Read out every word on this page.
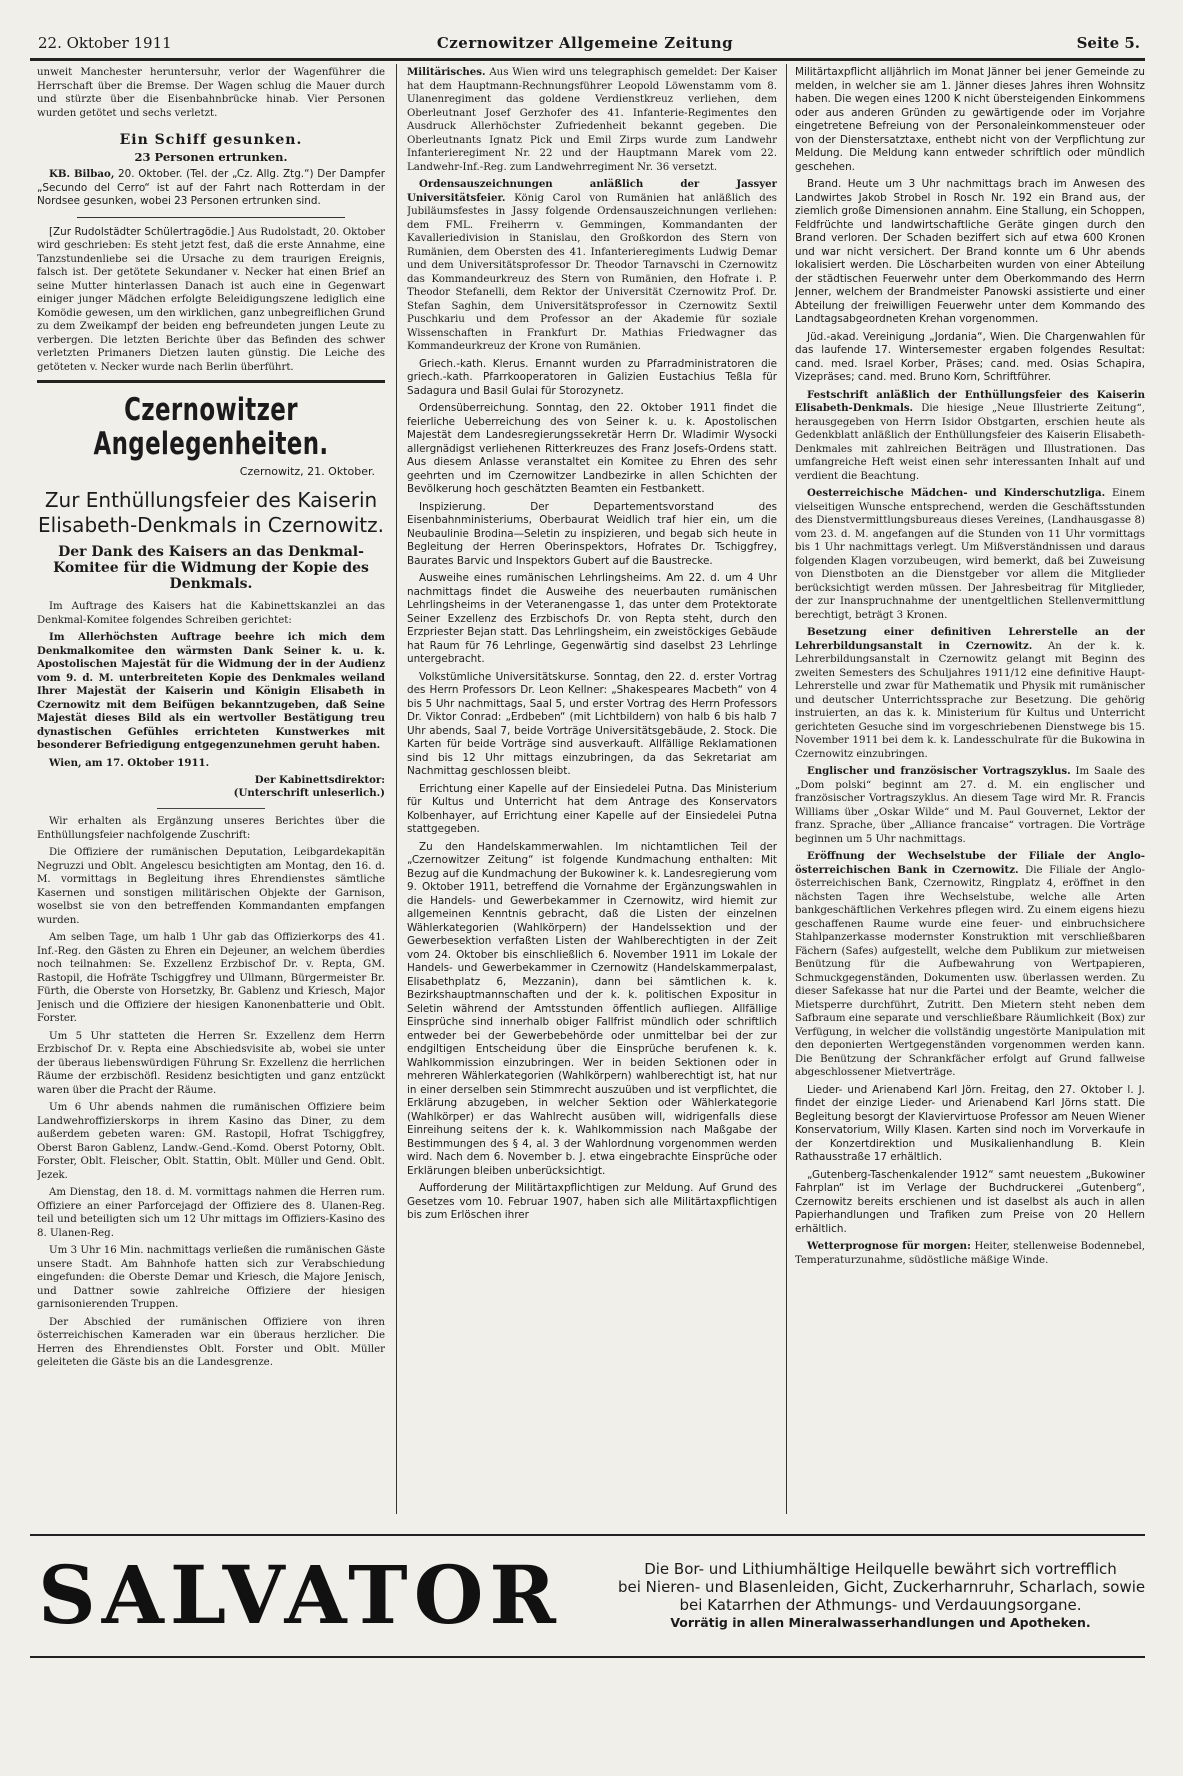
22. Oktober 1911	Czernowitzer Allgemeine Zeitung	Seite 5.

unweit Manchester heruntersuhr, verlor der Wagenführer die Herrschaft über die Bremse. Der Wagen schlug die Mauer durch und stürzte über die Eisenbahnbrücke hinab. Vier Personen wurden getötet und sechs verletzt.

Ein Schiff gesunken.
23 Personen ertrunken.

KB. Bilbao, 20. Oktober. (Tel. der „Cz. Allg. Ztg.“) Der Dampfer „Secundo del Cerro“ ist auf der Fahrt nach Rotterdam in der Nordsee gesunken, wobei 23 Personen ertrunken sind.

[Zur Rudolstädter Schülertragödie.] Aus Rudolstadt, 20. Oktober wird geschrieben: Es steht jetzt fest, daß die erste Annahme, eine Tanzstundenliebe sei die Ursache zu dem traurigen Ereignis, falsch ist. Der getötete Sekundaner v. Necker hat einen Brief an seine Mutter hinterlassen Danach ist auch eine in Gegenwart einiger junger Mädchen erfolgte Beleidigungszene lediglich eine Komödie gewesen, um den wirklichen, ganz unbegreiflichen Grund zu dem Zweikampf der beiden eng befreundeten jungen Leute zu verbergen. Die letzten Berichte über das Befinden des schwer verletzten Primaners Dietzen lauten günstig. Die Leiche des getöteten v. Necker wurde nach Berlin überführt.

Czernowitzer Angelegenheiten.
Czernowitz, 21. Oktober.
Zur Enthüllungsfeier des Kaiserin Elisabeth-Denkmals in Czernowitz.
Der Dank des Kaisers an das Denkmal-Komitee für die Widmung der Kopie des Denkmals.

Im Auftrage des Kaisers hat die Kabinettskanzlei an das Denkmal-Komitee folgendes Schreiben gerichtet:

Im Allerhöchsten Auftrage beehre ich mich dem Denkmalkomitee den wärmsten Dank Seiner k. u. k. Apostolischen Majestät für die Widmung der in der Audienz vom 9. d. M. unterbreiteten Kopie des Denkmales weiland Ihrer Majestät der Kaiserin und Königin Elisabeth in Czernowitz mit dem Beifügen bekanntzugeben, daß Seine Majestät dieses Bild als ein wertvoller Bestätigung treu dynastischen Gefühles errichteten Kunstwerkes mit besonderer Befriedigung entgegenzunehmen geruht haben.

Wien, am 17. Oktober 1911.

Der Kabinettsdirektor:
(Unterschrift unleserlich.)

Wir erhalten als Ergänzung unseres Berichtes über die Enthüllungsfeier nachfolgende Zuschrift:

Die Offiziere der rumänischen Deputation, Leibgardekapitän Negruzzi und Oblt. Angelescu besichtigten am Montag, den 16. d. M. vormittags in Begleitung ihres Ehrendienstes sämtliche Kasernen und sonstigen militärischen Objekte der Garnison, woselbst sie von den betreffenden Kommandanten empfangen wurden.

Am selben Tage, um halb 1 Uhr gab das Offizierkorps des 41. Inf.-Reg. den Gästen zu Ehren ein Dejeuner, an welchem überdies noch teilnahmen: Se. Exzellenz Erzbischof Dr. v. Repta, GM. Rastopil, die Hofräte Tschiggfrey und Ullmann, Bürgermeister Br. Fürth, die Oberste von Horsetzky, Br. Gablenz und Kriesch, Major Jenisch und die Offiziere der hiesigen Kanonenbatterie und Oblt. Forster.

Um 5 Uhr statteten die Herren Sr. Exzellenz dem Herrn Erzbischof Dr. v. Repta eine Abschiedsvisite ab, wobei sie unter der überaus liebenswürdigen Führung Sr. Exzellenz die herrlichen Räume der erzbischöfl. Residenz besichtigten und ganz entzückt waren über die Pracht der Räume.

Um 6 Uhr abends nahmen die rumänischen Offiziere beim Landwehroffizierskorps in ihrem Kasino das Diner, zu dem außerdem gebeten waren: GM. Rastopil, Hofrat Tschiggfrey, Oberst Baron Gablenz, Landw.-Gend.-Komd. Oberst Potorny, Oblt. Forster, Oblt. Fleischer, Oblt. Stattin, Oblt. Müller und Gend. Oblt. Jezek.

Am Dienstag, den 18. d. M. vormittags nahmen die Herren rum. Offiziere an einer Parforcejagd der Offiziere des 8. Ulanen-Reg. teil und beteiligten sich um 12 Uhr mittags im Offiziers-Kasino des 8. Ulanen-Reg.

Um 3 Uhr 16 Min. nachmittags verließen die rumänischen Gäste unsere Stadt. Am Bahnhofe hatten sich zur Verabschiedung eingefunden: die Oberste Demar und Kriesch, die Majore Jenisch, und Dattner sowie zahlreiche Offiziere der hiesigen garnisonierenden Truppen.

Der Abschied der rumänischen Offiziere von ihren österreichischen Kameraden war ein überaus herzlicher. Die Herren des Ehrendienstes Oblt. Forster und Oblt. Müller geleiteten die Gäste bis an die Landesgrenze.

Militärisches. Aus Wien wird uns telegraphisch gemeldet: Der Kaiser hat dem Hauptmann-Rechnungsführer Leopold Löwenstamm vom 8. Ulanenregiment das goldene Verdienstkreuz verliehen, dem Oberleutnant Josef Gerzhofer des 41. Infanterie-Regimentes den Ausdruck Allerhöchster Zufriedenheit bekannt gegeben. Die Oberleutnants Ignatz Pick und Emil Zirps wurde zum Landwehr Infanterieregiment Nr. 22 und der Hauptmann Marek vom 22. Landwehr-Inf.-Reg. zum Landwehrregiment Nr. 36 versetzt.

Ordensauszeichnungen anläßlich der Jassyer Universitätsfeier. König Carol von Rumänien hat anläßlich des Jubiläumsfestes in Jassy folgende Ordensauszeichnungen verliehen: dem FML. Freiherrn v. Gemmingen, Kommandanten der Kavalleriedivision in Stanislau, den Großkordon des Stern von Rumänien, dem Obersten des 41. Infanterieregiments Ludwig Demar und dem Universitätsprofessor Dr. Theodor Tarnavschi in Czernowitz das Kommandeurkreuz des Stern von Rumänien, den Hofrate i. P. Theodor Stefanelli, dem Rektor der Universität Czernowitz Prof. Dr. Stefan Saghin, dem Universitätsprofessor in Czernowitz Sextil Puschkariu und dem Professor an der Akademie für soziale Wissenschaften in Frankfurt Dr. Mathias Friedwagner das Kommandeurkreuz der Krone von Rumänien.

Griech.-kath. Klerus. Ernannt wurden zu Pfarradministratoren die griech.-kath. Pfarrkooperatoren in Galizien Eustachius Teßla für Sadagura und Basil Gulai für Storozynetz.

Ordensüberreichung. Sonntag, den 22. Oktober 1911 findet die feierliche Ueberreichung des von Seiner k. u. k. Apostolischen Majestät dem Landesregierungssekretär Herrn Dr. Wladimir Wysocki allergnädigst verliehenen Ritterkreuzes des Franz Josefs-Ordens statt. Aus diesem Anlasse veranstaltet ein Komitee zu Ehren des sehr geehrten und im Czernowitzer Landbezirke in allen Schichten der Bevölkerung hoch geschätzten Beamten ein Festbankett.

Inspizierung.	Der Departementsvorstand des Eisenbahnministeriums, Oberbaurat Weidlich traf hier ein, um die Neubaulinie Brodina—Seletin zu inspizieren, und begab sich heute in Begleitung der Herren Oberinspektors, Hofrates Dr. Tschiggfrey, Baurates Barvic und Inspektors Gubert auf die Baustrecke.

Ausweihe eines rumänischen Lehrlingsheims. Am 22. d. um 4 Uhr nachmittags findet die Ausweihe des neuerbauten rumänischen Lehrlingsheims in der Veteranengasse 1, das unter dem Protektorate Seiner Exzellenz des Erzbischofs Dr. von Repta steht, durch den Erzpriester Bejan statt. Das Lehrlingsheim, ein zweistöckiges Gebäude hat Raum für 76 Lehrlinge, Gegenwärtig sind daselbst 23 Lehrlinge untergebracht.

Volkstümliche Universitätskurse. Sonntag, den 22. d. erster Vortrag des Herrn Professors Dr. Leon Kellner: „Shakespeares Macbeth“ von 4 bis 5 Uhr nachmittags, Saal 5, und erster Vortrag des Herrn Professors Dr. Viktor Conrad: „Erdbeben“ (mit Lichtbildern) von halb 6 bis halb 7 Uhr abends, Saal 7, beide Vorträge Universitätsgebäude, 2. Stock. Die Karten für beide Vorträge sind ausverkauft. Allfällige Reklamationen sind bis 12 Uhr mittags einzubringen, da das Sekretariat am Nachmittag geschlossen bleibt.

Errichtung einer Kapelle auf der Einsiedelei Putna. Das Ministerium für Kultus und Unterricht hat dem Antrage des Konservators Kolbenhayer, auf Errichtung einer Kapelle auf der Einsiedelei Putna stattgegeben.

Zu den Handelskammerwahlen. Im nichtamtlichen Teil der „Czernowitzer Zeitung“ ist folgende Kundmachung enthalten: Mit Bezug auf die Kundmachung der Bukowiner k. k. Landesregierung vom 9. Oktober 1911, betreffend die Vornahme der Ergänzungswahlen in die Handels- und Gewerbekammer in Czernowitz, wird hiemit zur allgemeinen Kenntnis gebracht, daß die Listen der einzelnen Wählerkategorien (Wahlkörpern) der Handelssektion und der Gewerbesektion verfaßten Listen der Wahlberechtigten in der Zeit vom 24. Oktober bis einschließlich 6. November 1911 im Lokale der Handels- und Gewerbekammer in Czernowitz (Handelskammerpalast, Elisabethplatz 6, Mezzanin), dann bei sämtlichen k. k. Bezirkshauptmannschaften und der k. k. politischen Expositur in Seletin während der Amtsstunden öffentlich aufliegen. Allfällige Einsprüche sind innerhalb obiger Fallfrist mündlich oder schriftlich entweder bei der Gewerbebehörde oder unmittelbar bei der zur endgiltigen Entscheidung über die Einsprüche berufenen k. k. Wahlkommission einzubringen. Wer in beiden Sektionen oder in mehreren Wählerkategorien (Wahlkörpern) wahlberechtigt ist, hat nur in einer derselben sein Stimmrecht auszuüben und ist verpflichtet, die Erklärung abzugeben, in welcher Sektion oder Wählerkategorie (Wahlkörper) er das Wahlrecht ausüben will, widrigenfalls diese Einreihung seitens der k. k. Wahlkommission nach Maßgabe der Bestimmungen des § 4, al. 3 der Wahlordnung vorgenommen werden wird. Nach dem 6. November b. J. etwa eingebrachte Einsprüche oder Erklärungen bleiben unberücksichtigt.

Aufforderung der Militärtaxpflichtigen zur Meldung. Auf Grund des Gesetzes vom 10. Februar 1907, haben sich alle Militärtaxpflichtigen bis zum Erlöschen ihrer

Militärtaxpflicht alljährlich im Monat Jänner bei jener Gemeinde zu melden, in welcher sie am 1. Jänner dieses Jahres ihren Wohnsitz haben. Die wegen eines 1200 K nicht übersteigenden Einkommens oder aus anderen Gründen zu gewärtigende oder im Vorjahre eingetretene Befreiung von der Personaleinkommensteuer oder von der Dienstersatztaxe, enthebt nicht von der Verpflichtung zur Meldung. Die Meldung kann entweder schriftlich oder mündlich geschehen.

Brand. Heute um 3 Uhr nachmittags brach im Anwesen des Landwirtes Jakob Strobel in Rosch Nr. 192 ein Brand aus, der ziemlich große Dimensionen annahm. Eine Stallung, ein Schoppen, Feldfrüchte und landwirtschaftliche Geräte gingen durch den Brand verloren. Der Schaden beziffert sich auf etwa 600 Kronen und war nicht versichert. Der Brand konnte um 6 Uhr abends lokalisiert werden. Die Löscharbeiten wurden von einer Abteilung der städtischen Feuerwehr unter dem Oberkommando des Herrn Jenner, welchem der Brandmeister Panowski assistierte und einer Abteilung der freiwilligen Feuerwehr unter dem Kommando des Landtagsabgeordneten Krehan vorgenommen.

Jüd.-akad. Vereinigung „Jordania“, Wien. Die Chargenwahlen für das laufende 17. Wintersemester ergaben folgendes Resultat: cand. med. Israel Korber, Präses; cand. med. Osias Schapira, Vizepräses; cand. med. Bruno Korn, Schriftführer.

Festschrift anläßlich der Enthüllungsfeier des Kaiserin Elisabeth-Denkmals. Die hiesige „Neue Illustrierte Zeitung“, herausgegeben von Herrn Isidor Obstgarten, erschien heute als Gedenkblatt anläßlich der Enthüllungsfeier des Kaiserin Elisabeth-Denkmales mit zahlreichen Beiträgen und Illustrationen. Das umfangreiche Heft weist einen sehr interessanten Inhalt auf und verdient die Beachtung.

Oesterreichische Mädchen- und Kinderschutzliga. Einem vielseitigen Wunsche entsprechend, werden die Geschäftsstunden des Dienstvermittlungsbureaus dieses Vereines, (Landhausgasse 8) vom 23. d. M. angefangen auf die Stunden von 11 Uhr vormittags bis 1 Uhr nachmittags verlegt. Um Mißverständnissen und daraus folgenden Klagen vorzubeugen, wird bemerkt, daß bei Zuweisung von Dienstboten an die Dienstgeber vor allem die Mitglieder berücksichtigt werden müssen. Der Jahresbeitrag für Mitglieder, der zur Inanspruchnahme der unentgeltlichen Stellenvermittlung berechtigt, beträgt 3 Kronen.

Besetzung einer definitiven Lehrerstelle an der Lehrerbildungsanstalt in Czernowitz. An der k. k. Lehrerbildungsanstalt in Czernowitz gelangt mit Beginn des zweiten Semesters des Schuljahres 1911/12 eine definitive Haupt-Lehrerstelle und zwar für Mathematik und Physik mit rumänischer und deutscher Unterrichtssprache zur Besetzung. Die gehörig instruierten, an das k. k. Ministerium für Kultus und Unterricht gerichteten Gesuche sind im vorgeschriebenen Dienstwege bis 15. November 1911 bei dem k. k. Landesschulrate für die Bukowina in Czernowitz einzubringen.

Englischer und französischer Vortragszyklus. Im Saale des „Dom polski“ beginnt am 27. d. M. ein englischer und französischer Vortragszyklus. An diesem Tage wird Mr. R. Francis Williams über „Oskar Wilde“ und M. Paul Gouvernet, Lektor der franz. Sprache, über „Alliance francaise“ vortragen. Die Vorträge beginnen um 5 Uhr nachmittags.

Eröffnung der Wechselstube der Filiale der Anglo-österreichischen Bank in Czernowitz. Die Filiale der Anglo-österreichischen Bank, Czernowitz, Ringplatz 4, eröffnet in den nächsten Tagen ihre Wechselstube, welche alle Arten bankgeschäftlichen Verkehres pflegen wird. Zu einem eigens hiezu geschaffenen Raume wurde eine feuer- und einbruchsichere Stahlpanzerkasse modernster Konstruktion mit verschließbaren Fächern (Safes) aufgestellt, welche dem Publikum zur mietweisen Benützung für die Aufbewahrung von Wertpapieren, Schmuckgegenständen, Dokumenten usw. überlassen werden. Zu dieser Safekasse hat nur die Partei und der Beamte, welcher die Mietsperre durchführt, Zutritt. Den Mietern steht neben dem Safbraum eine separate und verschließbare Räumlichkeit (Box) zur Verfügung, in welcher die vollständig ungestörte Manipulation mit den deponierten Wertgegenständen vorgenommen werden kann. Die Benützung der Schrankfächer erfolgt auf Grund fallweise abgeschlossener Mietverträge.

Lieder- und Arienabend Karl Jörn. Freitag, den 27. Oktober l. J. findet der einzige Lieder- und Arienabend Karl Jörns statt. Die Begleitung besorgt der Klaviervirtuose Professor am Neuen Wiener Konservatorium, Willy Klasen. Karten sind noch im Vorverkaufe in der Konzertdirektion und Musikalienhandlung B. Klein Rathausstraße 17 erhältlich.

„Gutenberg-Taschenkalender 1912“ samt neuestem „Bukowiner Fahrplan“ ist im Verlage der Buchdruckerei „Gutenberg“, Czernowitz bereits erschienen und ist daselbst als auch in allen Papierhandlungen und Trafiken zum Preise von 20 Hellern erhältlich.

Wetterprognose für morgen: Heiter, stellenweise Bodennebel, Temperaturzunahme, südöstliche mäßige Winde.

SALVATOR	Die Bor- und Lithiumhältige Heilquelle bewährt sich vortrefflich
bei Nieren- und Blasenleiden, Gicht, Zuckerharnruhr, Scharlach, sowie
bei Katarrhen der Athmungs- und Verdauungsorgane.
Vorrätig in allen Mineralwasserhandlungen und Apotheken.
